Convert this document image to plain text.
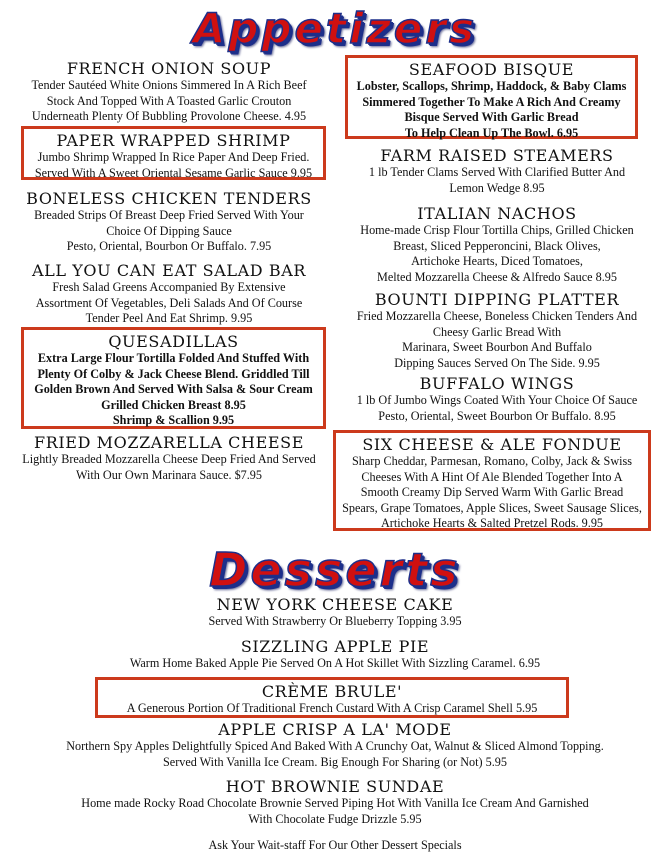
Appetizers
FRENCH ONION SOUP
Tender Sautéed White Onions Simmered In A Rich Beef
Stock And Topped With A Toasted Garlic Crouton
Underneath Plenty Of Bubbling Provolone Cheese. 4.95
PAPER WRAPPED SHRIMP
Jumbo Shrimp Wrapped In Rice Paper And Deep Fried.
Served With A Sweet Oriental Sesame Garlic Sauce 9.95
BONELESS CHICKEN TENDERS
Breaded Strips Of Breast Deep Fried Served With Your
Choice Of Dipping Sauce
Pesto, Oriental, Bourbon Or Buffalo. 7.95
ALL YOU CAN EAT SALAD BAR
Fresh Salad Greens Accompanied By Extensive
Assortment Of Vegetables, Deli Salads And Of Course
Tender Peel And Eat Shrimp. 9.95
QUESADILLAS
Extra Large Flour Tortilla Folded And Stuffed With
Plenty Of Colby & Jack Cheese Blend. Griddled Till
Golden Brown And Served With Salsa & Sour Cream
Grilled Chicken Breast 8.95
Shrimp & Scallion 9.95
FRIED MOZZARELLA CHEESE
Lightly Breaded Mozzarella Cheese Deep Fried And Served
With Our Own Marinara Sauce. $7.95
SEAFOOD BISQUE
Lobster, Scallops, Shrimp, Haddock, & Baby Clams
Simmered Together To Make A Rich And Creamy
Bisque Served With Garlic Bread
To Help Clean Up The Bowl. 6.95
FARM RAISED STEAMERS
1 lb Tender Clams Served With Clarified Butter And
Lemon Wedge 8.95
ITALIAN NACHOS
Home-made Crisp Flour Tortilla Chips, Grilled Chicken
Breast, Sliced Pepperoncini, Black Olives,
Artichoke Hearts, Diced Tomatoes,
Melted Mozzarella Cheese & Alfredo Sauce 8.95
BOUNTI DIPPING PLATTER
Fried Mozzarella Cheese, Boneless Chicken Tenders And
Cheesy Garlic Bread With
Marinara, Sweet Bourbon And Buffalo
Dipping Sauces Served On The Side. 9.95
BUFFALO WINGS
1 lb Of Jumbo Wings Coated With Your Choice Of Sauce
Pesto, Oriental, Sweet Bourbon Or Buffalo. 8.95
SIX CHEESE & ALE FONDUE
Sharp Cheddar, Parmesan, Romano, Colby, Jack & Swiss
Cheeses With A Hint Of Ale Blended Together Into A
Smooth Creamy Dip Served Warm With Garlic Bread
Spears, Grape Tomatoes, Apple Slices, Sweet Sausage Slices,
Artichoke Hearts & Salted Pretzel Rods. 9.95
Desserts
NEW YORK CHEESE CAKE
Served With Strawberry Or Blueberry Topping 3.95
SIZZLING APPLE PIE
Warm Home Baked Apple Pie Served On A Hot Skillet With Sizzling Caramel. 6.95
CRÈME BRULE'
A Generous Portion Of Traditional French Custard With A Crisp Caramel Shell 5.95
APPLE CRISP A LA' MODE
Northern Spy Apples Delightfully Spiced And Baked With A Crunchy Oat, Walnut & Sliced Almond Topping.
Served With Vanilla Ice Cream. Big Enough For Sharing (or Not) 5.95
HOT BROWNIE SUNDAE
Home made Rocky Road Chocolate Brownie Served Piping Hot With Vanilla Ice Cream And Garnished
With Chocolate Fudge Drizzle 5.95
Ask Your Wait-staff For Our Other Dessert Specials
